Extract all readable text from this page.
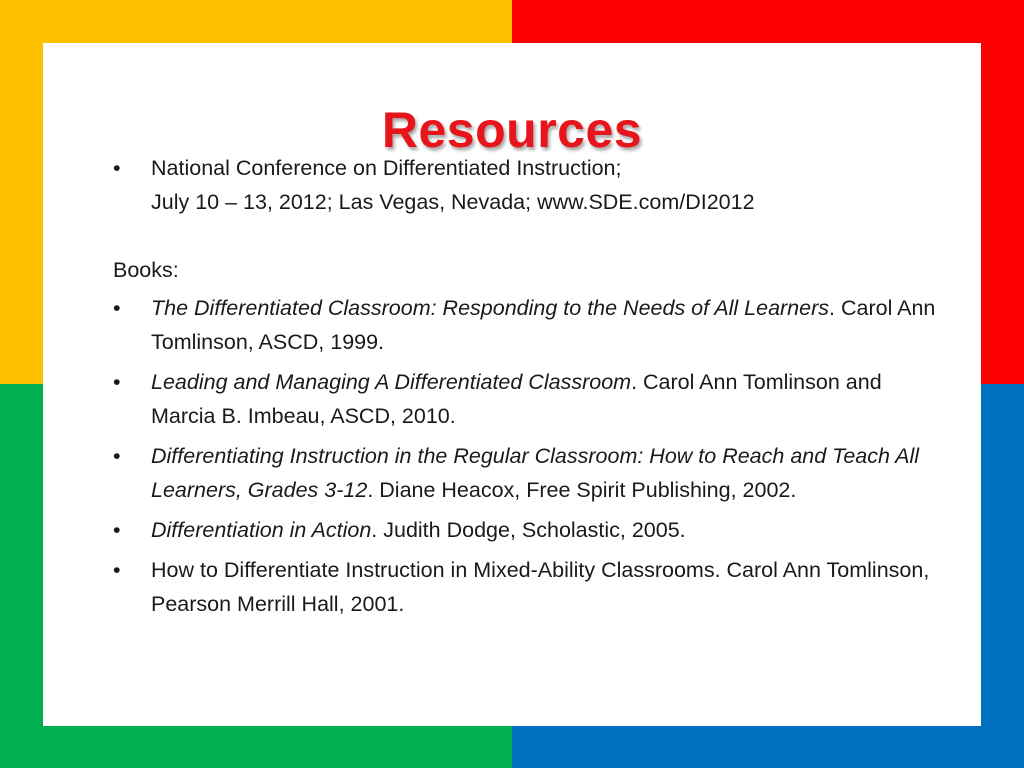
Resources
• National Conference on Differentiated Instruction;
July 10 – 13, 2012; Las Vegas, Nevada; www.SDE.com/DI2012
Books:
• The Differentiated Classroom: Responding to the Needs of All Learners. Carol Ann Tomlinson, ASCD, 1999.
• Leading and Managing A Differentiated Classroom. Carol Ann Tomlinson and Marcia B. Imbeau, ASCD, 2010.
• Differentiating Instruction in the Regular Classroom: How to Reach and Teach All Learners, Grades 3-12. Diane Heacox, Free Spirit Publishing, 2002.
• Differentiation in Action. Judith Dodge, Scholastic, 2005.
• How to Differentiate Instruction in Mixed-Ability Classrooms. Carol Ann Tomlinson, Pearson Merrill Hall, 2001.
